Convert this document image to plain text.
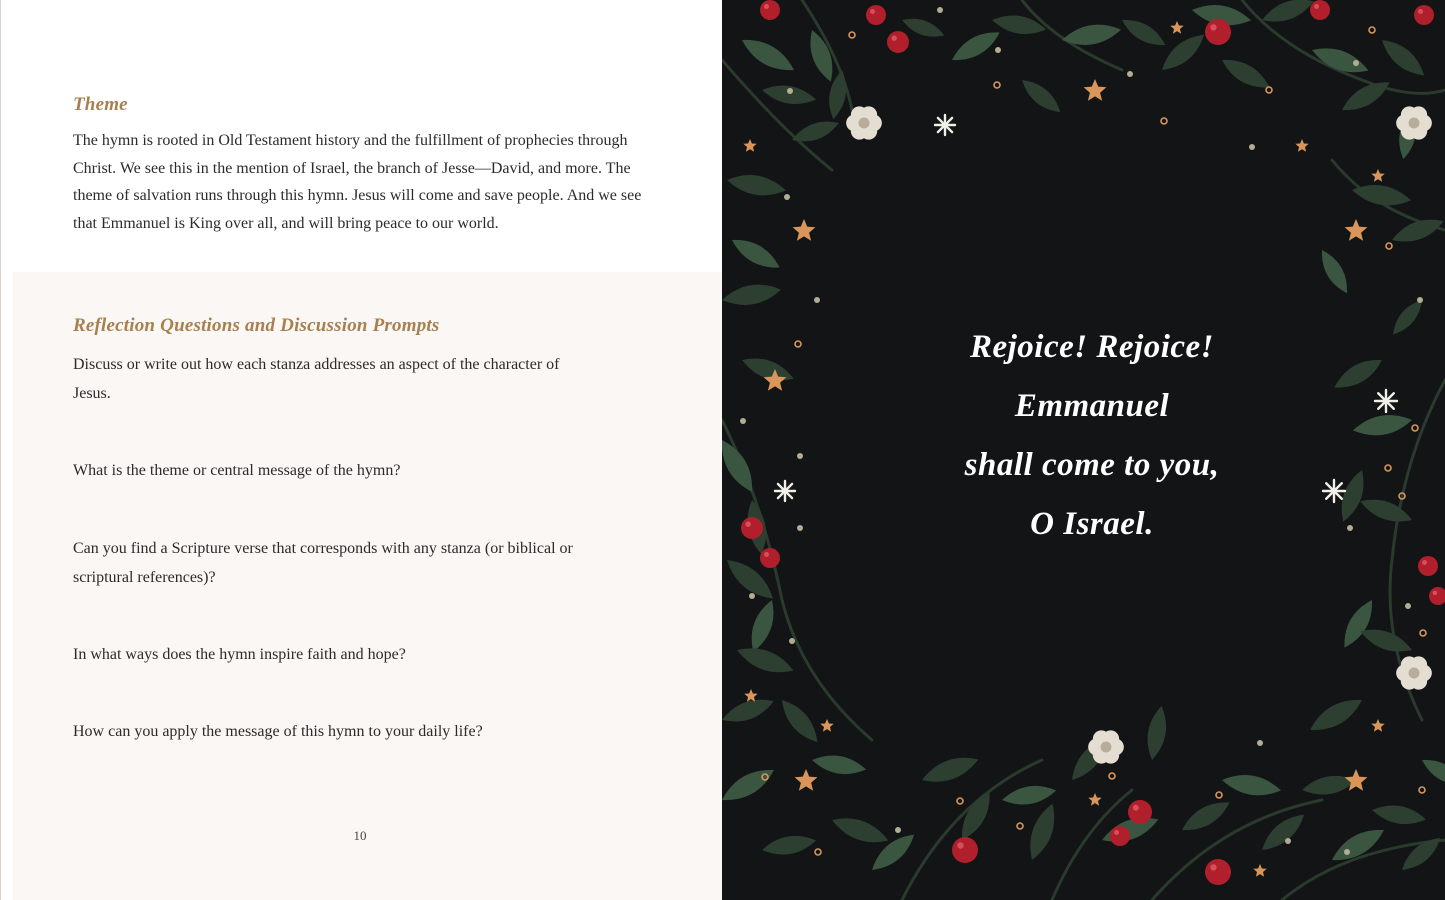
Theme

The hymn is rooted in Old Testament history and the fulfillment of prophecies through Christ. We see this in the mention of Israel, the branch of Jesse—David, and more. The theme of salvation runs through this hymn. Jesus will come and save people. And we see that Emmanuel is King over all, and will bring peace to our world.

Reflection Questions and Discussion Prompts

Discuss or write out how each stanza addresses an aspect of the character of Jesus.

What is the theme or central message of the hymn?

Can you find a Scripture verse that corresponds with any stanza (or biblical or scriptural references)?

In what ways does the hymn inspire faith and hope?

How can you apply the message of this hymn to your daily life?

10

Rejoice! Rejoice!
Emmanuel
shall come to you,
O Israel.
